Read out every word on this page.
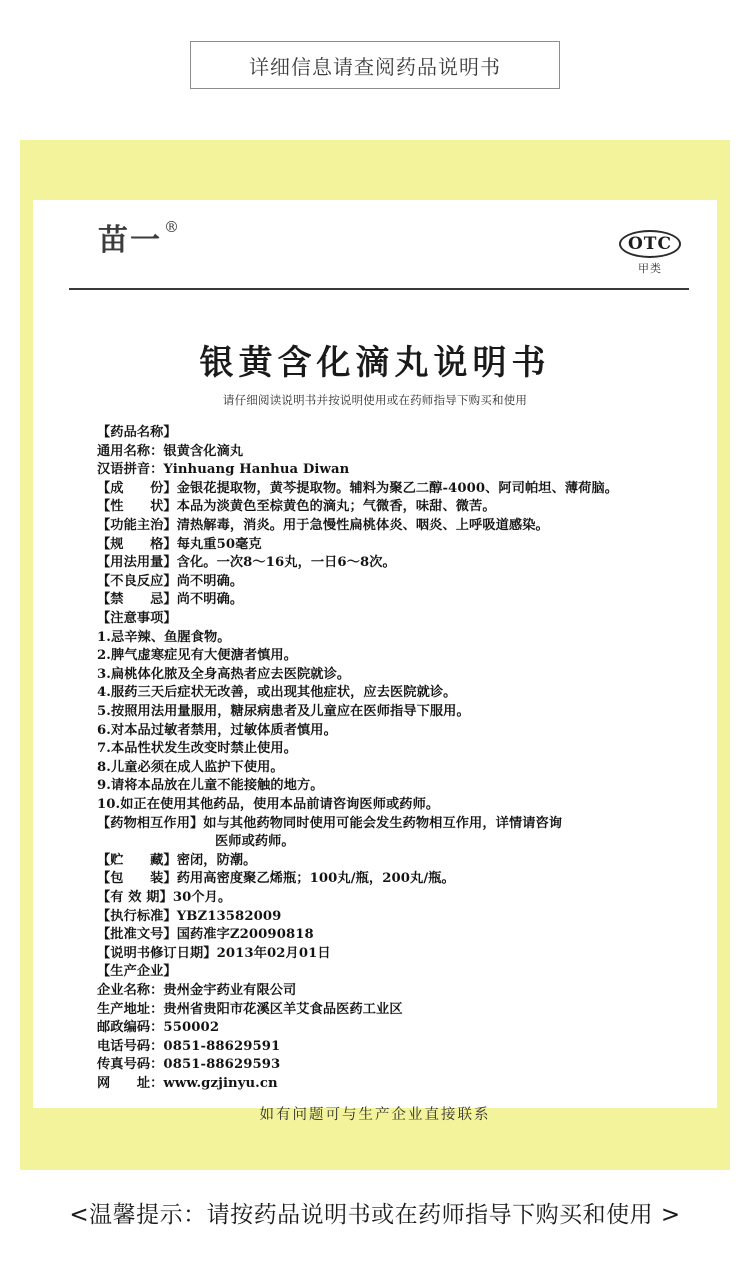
详细信息请查阅药品说明书
苗一 ®
OTC
甲类
银黄含化滴丸说明书
请仔细阅读说明书并按说明使用或在药师指导下购买和使用
【药品名称】
通用名称：银黄含化滴丸
汉语拼音：Yinhuang Hanhua Diwan
【成　　份】金银花提取物，黄芩提取物。辅料为聚乙二醇-4000、阿司帕坦、薄荷脑。
【性　　状】本品为淡黄色至棕黄色的滴丸；气微香，味甜、微苦。
【功能主治】清热解毒，消炎。用于急慢性扁桃体炎、咽炎、上呼吸道感染。
【规　　格】每丸重50毫克
【用法用量】含化。一次8～16丸，一日6～8次。
【不良反应】尚不明确。
【禁　　忌】尚不明确。
【注意事项】
1.忌辛辣、鱼腥食物。
2.脾气虚寒症见有大便溏者慎用。
3.扁桃体化脓及全身高热者应去医院就诊。
4.服药三天后症状无改善，或出现其他症状，应去医院就诊。
5.按照用法用量服用，糖尿病患者及儿童应在医师指导下服用。
6.对本品过敏者禁用，过敏体质者慎用。
7.本品性状发生改变时禁止使用。
8.儿童必须在成人监护下使用。
9.请将本品放在儿童不能接触的地方。
10.如正在使用其他药品，使用本品前请咨询医师或药师。
【药物相互作用】如与其他药物同时使用可能会发生药物相互作用，详情请咨询
医师或药师。
【贮　　藏】密闭，防潮。
【包　　装】药用高密度聚乙烯瓶；100丸/瓶，200丸/瓶。
【有 效 期】30个月。
【执行标准】YBZ13582009
【批准文号】国药准字Z20090818
【说明书修订日期】2013年02月01日
【生产企业】
企业名称：贵州金宇药业有限公司
生产地址：贵州省贵阳市花溪区羊艾食品医药工业区
邮政编码：550002
电话号码：0851-88629591
传真号码：0851-88629593
网　　址：www.gzjinyu.cn
如有问题可与生产企业直接联系
<温馨提示：请按药品说明书或在药师指导下购买和使用 >
